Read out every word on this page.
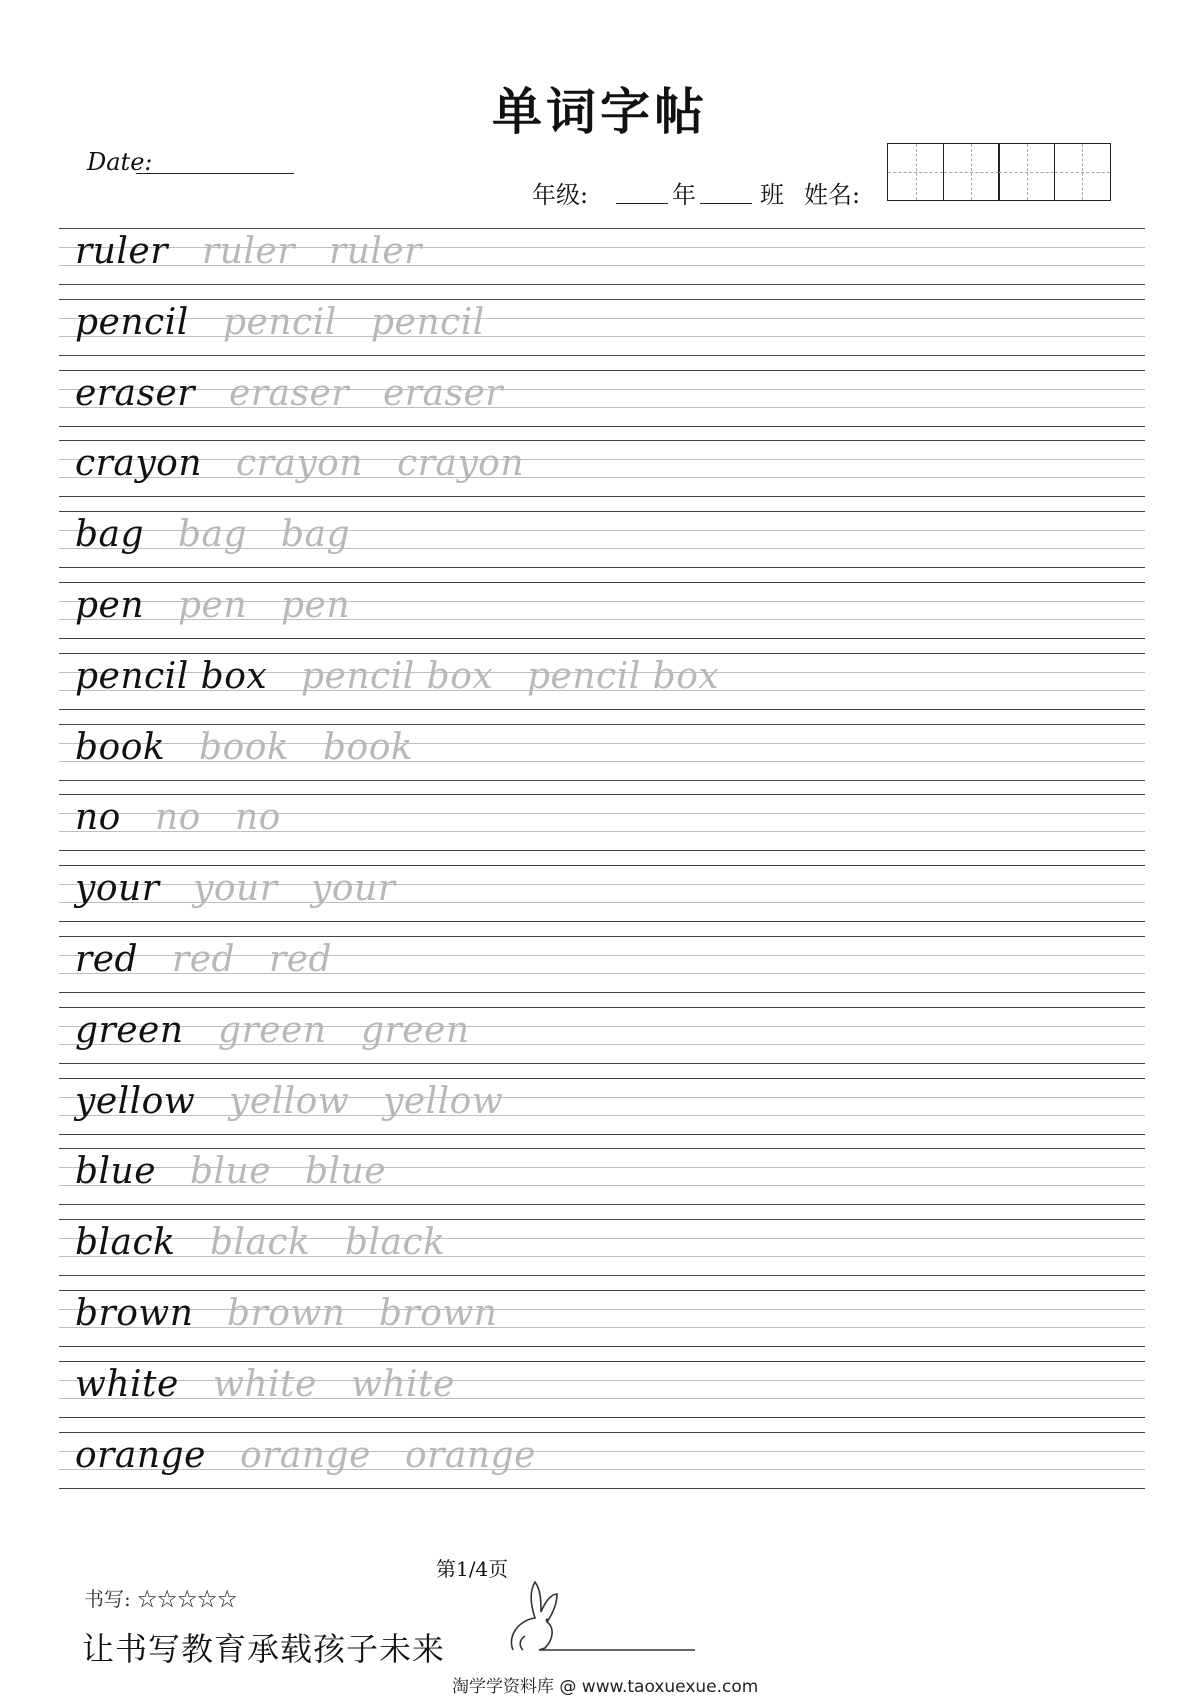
单词字帖
Date:
年级:	年	班 姓名:
ruler ruler ruler
pencil pencil pencil
eraser eraser eraser
crayon crayon crayon
bag bag bag
pen pen pen
pencil box pencil box pencil box
book book book
no no no
your your your
red red red
green green green
yellow yellow yellow
blue blue blue
black black black
brown brown brown
white white white
orange orange orange
第1/4页
书写: ☆☆☆☆☆
让书写教育承载孩子未来
淘学学资料库 @ www.taoxuexue.com
